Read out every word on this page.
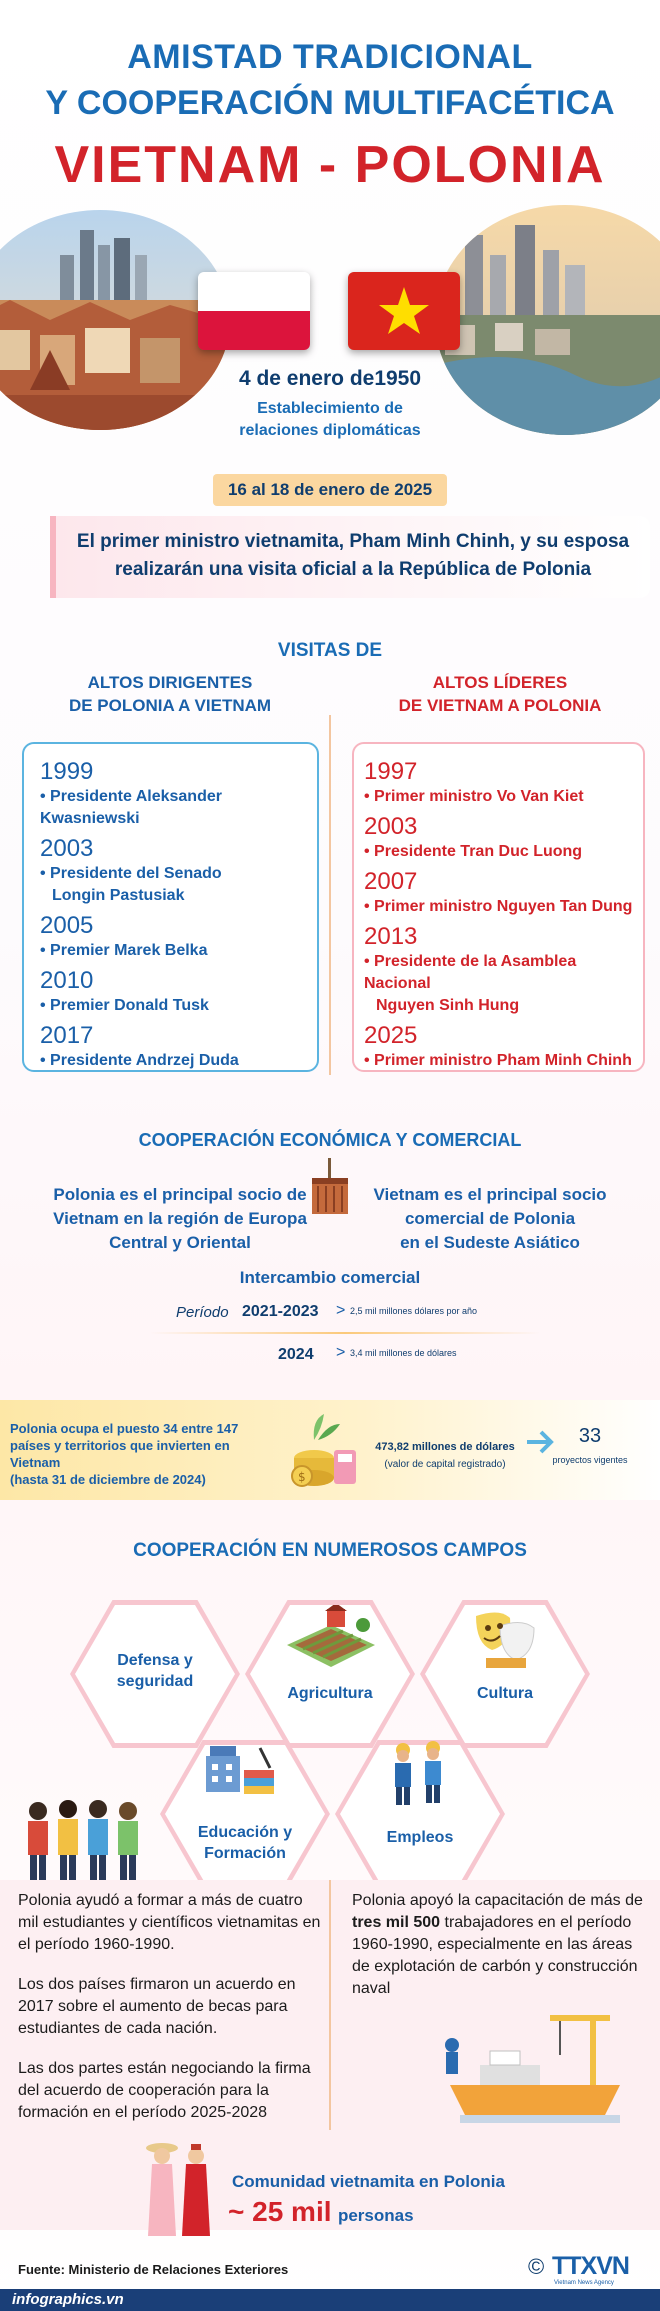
AMISTAD TRADICIONAL
Y COOPERACIÓN MULTIFACÉTICA
VIETNAM - POLONIA
4 de enero de1950
Establecimiento de
relaciones diplomáticas
16 al 18 de enero de 2025
El primer ministro vietnamita, Pham Minh Chinh, y su esposa
realizarán una visita oficial a la República de Polonia
VISITAS DE
ALTOS DIRIGENTES
DE POLONIA A VIETNAM
ALTOS LÍDERES
DE VIETNAM A POLONIA
1999
• Presidente Aleksander Kwasniewski
2003
• Presidente del Senado
Longin Pastusiak
2005
• Premier Marek Belka
2010
• Premier Donald Tusk
2017
• Presidente Andrzej Duda
1997
• Primer ministro Vo Van Kiet
2003
• Presidente Tran Duc Luong
2007
• Primer ministro Nguyen Tan Dung
2013
• Presidente de la Asamblea Nacional
Nguyen Sinh Hung
2025
• Primer ministro Pham Minh Chinh
COOPERACIÓN ECONÓMICA Y COMERCIAL
Polonia es el principal socio de
Vietnam en la región de Europa
Central y Oriental
Vietnam es el principal socio
comercial de Polonia
en el Sudeste Asiático
Intercambio comercial
Período 2021-2023 > 2,5 mil millones dólares por año
2024 > 3,4 mil millones de dólares
Polonia ocupa el puesto 34 entre 147
países y territorios que invierten en
Vietnam
(hasta 31 de diciembre de 2024)	$
473,82 millones de dólares
(valor de capital registrado)
33
proyectos vigentes
COOPERACIÓN EN NUMEROSOS CAMPOS
Defensa y
seguridad
Agricultura	Cultura
Educación y
Formación
Empleos

Polonia ayudó a formar a más de cuatro mil estudiantes y científicos vietnamitas en el período 1960-1990.

Los dos países firmaron un acuerdo en 2017 sobre el aumento de becas para estudiantes de cada nación.

Las dos partes están negociando la firma del acuerdo de cooperación para la formación en el período 2025-2028

Polonia apoyó la capacitación de más de tres mil 500 trabajadores en el período 1960-1990, especialmente en las áreas de explotación de carbón y construcción naval
Comunidad vietnamita en Polonia
~ 25 mil personas
Fuente: Ministerio de Relaciones Exteriores	© TTXVN
Vietnam News Agency
infographics.vn
